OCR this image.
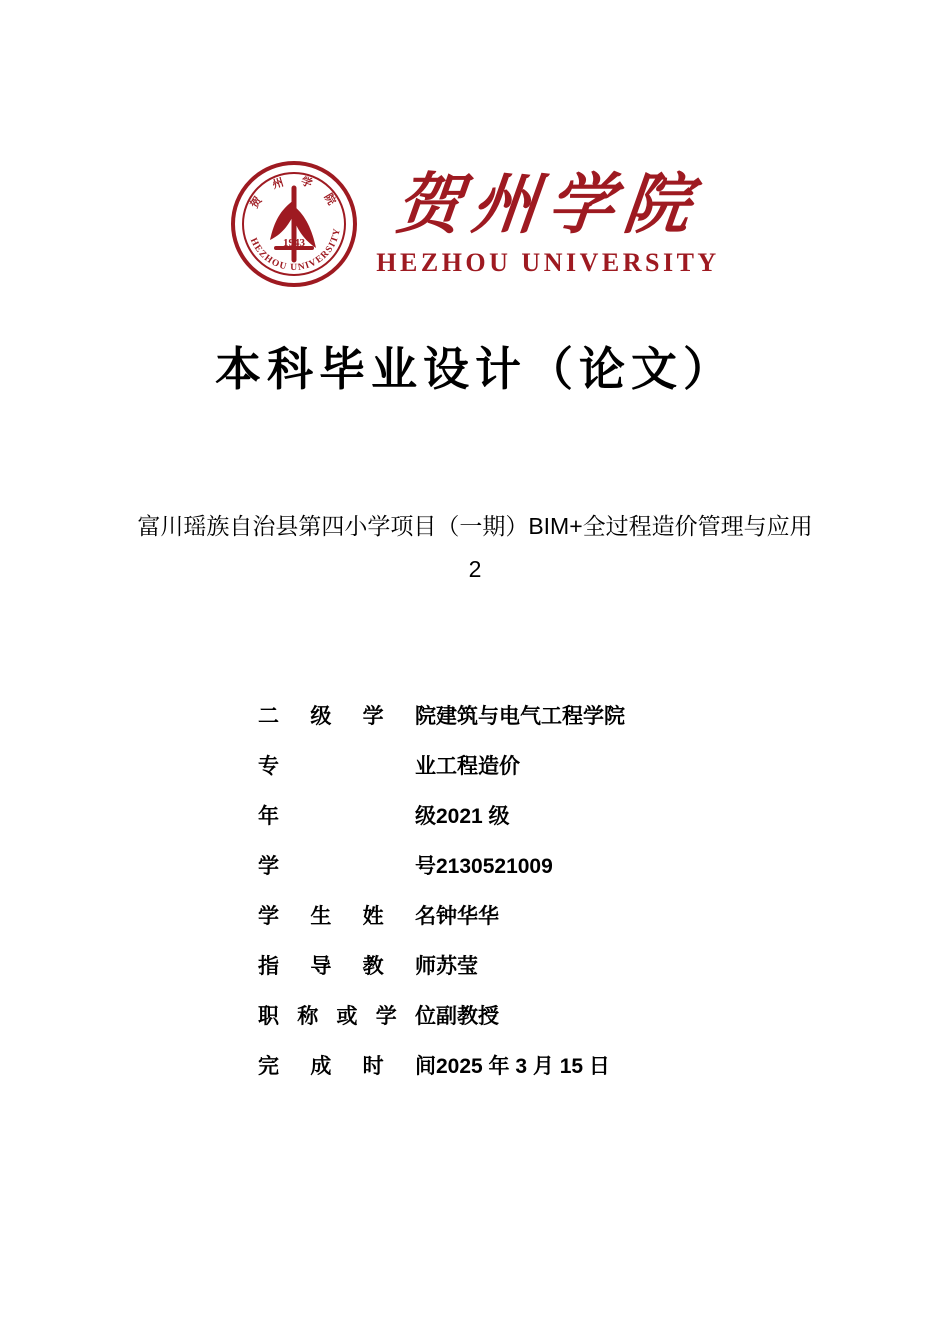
1943
贺 州 学 院
HEZHOU UNIVERSITY 贺州学院
HEZHOU UNIVERSITY
本科毕业设计（论文）
富川瑶族自治县第四小学项目（一期）BIM+全过程造价管理与应用 2
二 级 学 院 建筑与电气工程学院
专	业 工程造价
年	级 2021 级
学	号 2130521009
学 生 姓 名 钟华华
指 导 教 师 苏莹
职 称 或 学 位 副教授
完 成 时 间 2025 年 3 月 15 日
